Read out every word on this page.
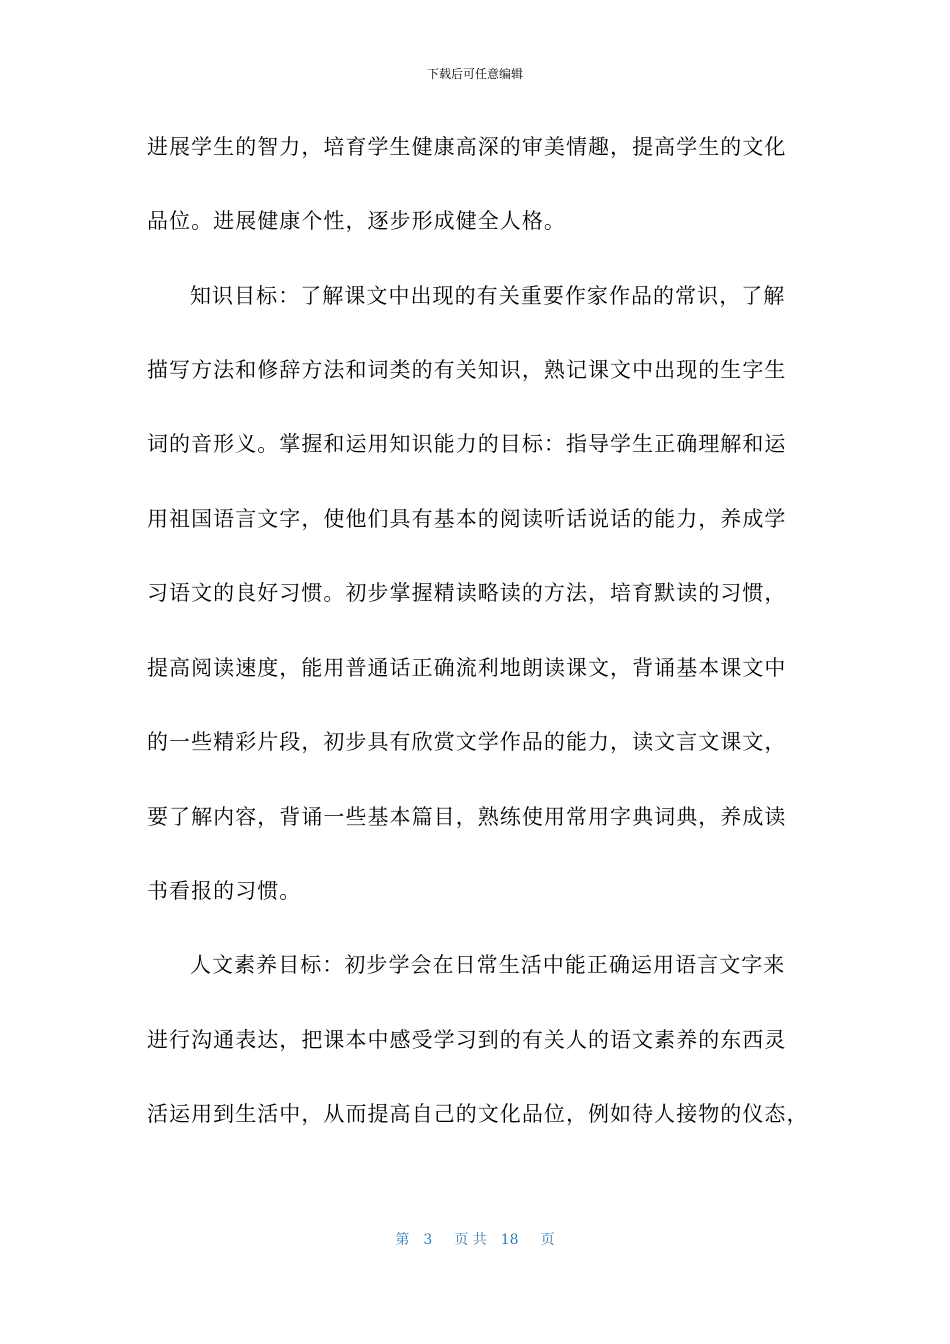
下载后可任意编辑
进展学生的智力，培育学生健康高深的审美情趣，提高学生的文化
品位。进展健康个性，逐步形成健全人格。
知识目标：了解课文中出现的有关重要作家作品的常识，了解
描写方法和修辞方法和词类的有关知识，熟记课文中出现的生字生
词的音形义。掌握和运用知识能力的目标：指导学生正确理解和运
用祖国语言文字，使他们具有基本的阅读听话说话的能力，养成学
习语文的良好习惯。初步掌握精读略读的方法，培育默读的习惯，
提高阅读速度，能用普通话正确流利地朗读课文，背诵基本课文中
的一些精彩片段，初步具有欣赏文学作品的能力，读文言文课文，
要了解内容，背诵一些基本篇目，熟练使用常用字典词典，养成读
书看报的习惯。
人文素养目标：初步学会在日常生活中能正确运用语言文字来
进行沟通表达，把课本中感受学习到的有关人的语文素养的东西灵
活运用到生活中，从而提高自己的文化品位，例如待人接物的仪态，
第 3 页 共 18 页
